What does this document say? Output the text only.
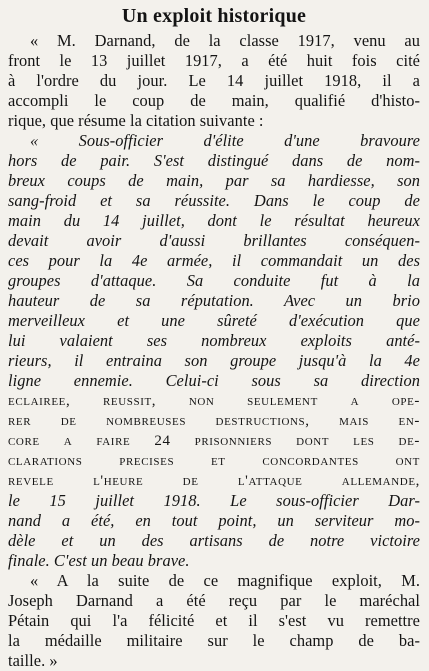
Un exploit historique
« M. Darnand, de la classe 1917, venu au
front le 13 juillet 1917, a été huit fois cité
à l'ordre du jour. Le 14 juillet 1918, il a
accompli le coup de main, qualifié d'histo-
rique, que résume la citation suivante :
« Sous-officier d'élite d'une bravoure
hors de pair. S'est distingué dans de nom-
breux coups de main, par sa hardiesse, son
sang-froid et sa réussite. Dans le coup de
main du 14 juillet, dont le résultat heureux
devait avoir d'aussi brillantes conséquen-
ces pour la 4e armée, il commandait un des
groupes d'attaque. Sa conduite fut à la
hauteur de sa réputation. Avec un brio
merveilleux et une sûreté d'exécution que
lui valaient ses nombreux exploits anté-
rieurs, il entraina son groupe jusqu'à la 4e
ligne ennemie. Celui-ci sous sa direction
eclairee, reussit, non seulement a ope-
rer de nombreuses destructions, mais en-
core a faire 24 prisonniers dont les de-
clarations precises et concordantes ont
revele l'heure de l'attaque allemande,
le 15 juillet 1918. Le sous-officier Dar-
nand a été, en tout point, un serviteur mo-
dèle et un des artisans de notre victoire
finale. C'est un beau brave.
« A la suite de ce magnifique exploit, M.
Joseph Darnand a été reçu par le maréchal
Pétain qui l'a félicité et il s'est vu remettre
la médaille militaire sur le champ de ba-
taille. »
